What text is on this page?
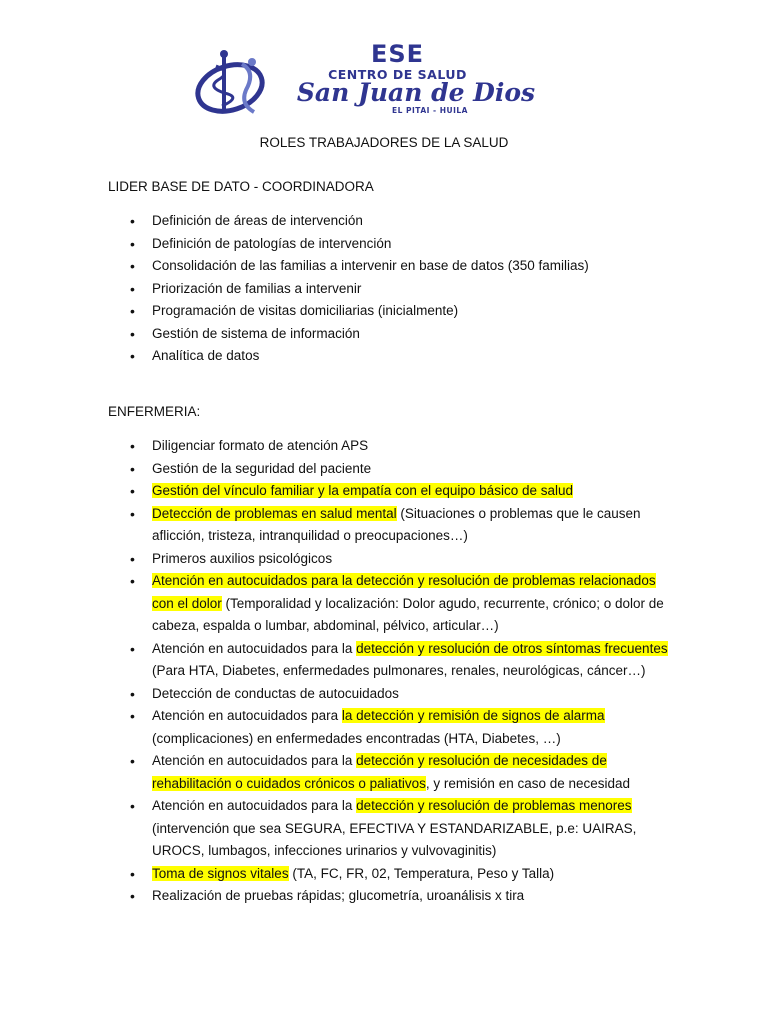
ESE
CENTRO DE SALUD
San Juan de Dios
EL PITAI - HUILA
ROLES TRABAJADORES DE LA SALUD
LIDER BASE DE DATO - COORDINADORA
• Definición de áreas de intervención
• Definición de patologías de intervención
• Consolidación de las familias a intervenir en base de datos (350 familias)
• Priorización de familias a intervenir
• Programación de visitas domiciliarias (inicialmente)
• Gestión de sistema de información
• Analítica de datos
ENFERMERIA:
• Diligenciar formato de atención APS
• Gestión de la seguridad del paciente
• Gestión del vínculo familiar y la empatía con el equipo básico de salud
• Detección de problemas en salud mental (Situaciones o problemas que le causen aflicción, tristeza, intranquilidad o preocupaciones…)
• Primeros auxilios psicológicos
• Atención en autocuidados para la detección y resolución de problemas relacionados con el dolor (Temporalidad y localización: Dolor agudo, recurrente, crónico; o dolor de cabeza, espalda o lumbar, abdominal, pélvico, articular…)
• Atención en autocuidados para la detección y resolución de otros síntomas frecuentes (Para HTA, Diabetes, enfermedades pulmonares, renales, neurológicas, cáncer…)
• Detección de conductas de autocuidados
• Atención en autocuidados para la detección y remisión de signos de alarma (complicaciones) en enfermedades encontradas (HTA, Diabetes, …)
• Atención en autocuidados para la detección y resolución de necesidades de rehabilitación o cuidados crónicos o paliativos, y remisión en caso de necesidad
• Atención en autocuidados para la detección y resolución de problemas menores (intervención que sea SEGURA, EFECTIVA Y ESTANDARIZABLE, p.e: UAIRAS, UROCS, lumbagos, infecciones urinarios y vulvovaginitis)
• Toma de signos vitales (TA, FC, FR, 02, Temperatura, Peso y Talla)
• Realización de pruebas rápidas; glucometría, uroanálisis x tira
